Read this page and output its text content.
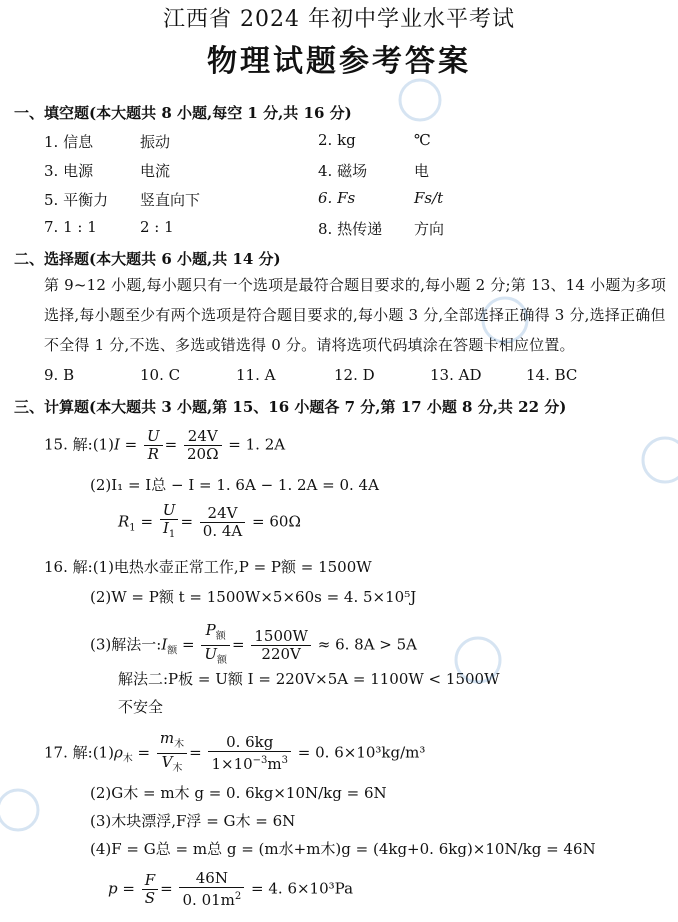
江西省 2024 年初中学业水平考试
物理试题参考答案
一、填空题(本大题共 8 小题,每空 1 分,共 16 分)
1. 信息	振动	2. kg	℃
3. 电源	电流	4. 磁场	电
5. 平衡力 竖直向下	6. Fs	Fs/t
7. 1 : 1	2 : 1	8. 热传递 方向
二、选择题(本大题共 6 小题,共 14 分)
第 9~12 小题,每小题只有一个选项是最符合题目要求的,每小题 2 分;第 13、14 小题为多项选择,每小题至少有两个选项是符合题目要求的,每小题 3 分,全部选择正确得 3 分,选择正确但不全得 1 分,不选、多选或错选得 0 分。请将选项代码填涂在答题卡相应位置。
9. B	10. C	11. A	12. D	13. AD	14. BC
三、计算题(本大题共 3 小题,第 15、16 小题各 7 分,第 17 小题 8 分,共 22 分)
15. 解:(1)I = $\frac{U}{R} = \frac{24V}{20\Omega} = 1$. 2A
(2)I₁ = I总 − I = 1. 6A − 1. 2A = 0. 4A
$R_1 = \frac{U}{I_1} = \frac{24V}{0. 4A} = 60\Omega$
16. 解:(1)电热水壶正常工作,P = P额 = 1500W
(2)W = P额 t = 1500W×5×60s = 4. 5×10⁵J
(3)解法一$:I_额 = \frac{P_额}{U_额} = \frac{1500W}{220V} \approx 6$. 8A > 5A
解法二:P板 = U额 I = 220V×5A = 1100W < 1500W
不安全
17. 解$:(1)\rho_木 = \frac{m_木}{V_木} = \frac{0. 6kg}{1\times 10^{-3}m^3} = 0$. 6×10³kg/m³
(2)G木 = m木 g = 0. 6kg×10N/kg = 6N
(3)木块漂浮,F浮 = G木 = 6N
(4)F = G总 = m总 g = (m水+m木)g = (4kg+0. 6kg)×10N/kg = 46N
$p = \frac{F}{S} = \frac{46N}{0. 01m^2} = 4$. 6×10³Pa
